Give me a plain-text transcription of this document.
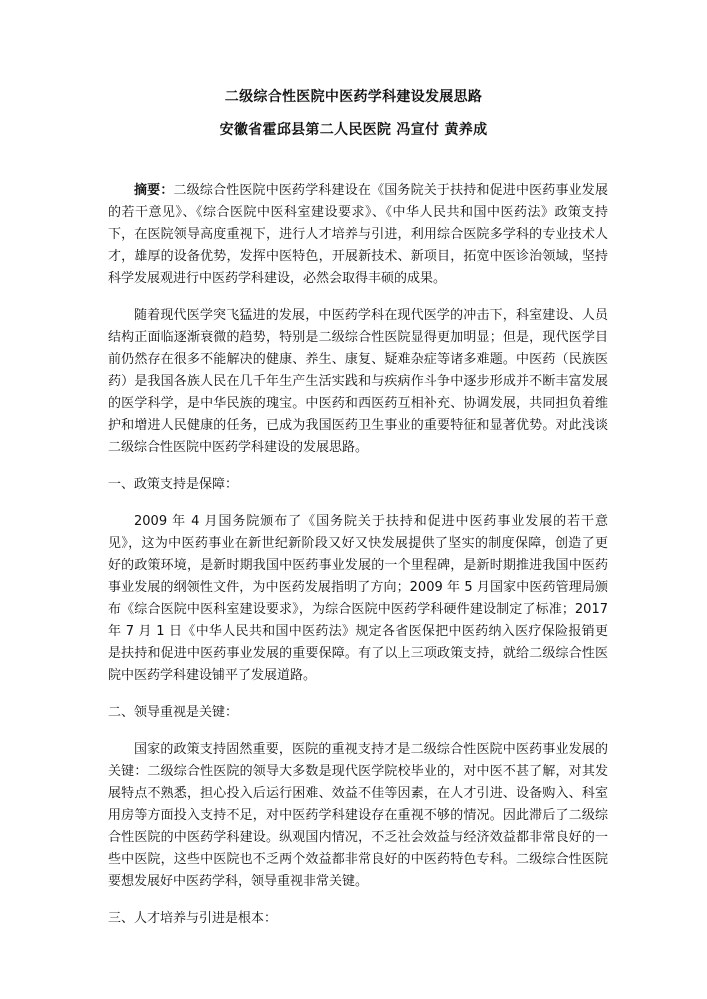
二级综合性医院中医药学科建设发展思路
安徽省霍邱县第二人民医院 冯宣付 黄养成

摘要：二级综合性医院中医药学科建设在《国务院关于扶持和促进中医药事业发展的若干意见》、《综合医院中医科室建设要求》、《中华人民共和国中医药法》政策支持下，在医院领导高度重视下，进行人才培养与引进，利用综合医院多学科的专业技术人才，雄厚的设备优势，发挥中医特色，开展新技术、新项目，拓宽中医诊治领域，坚持科学发展观进行中医药学科建设，必然会取得丰硕的成果。

随着现代医学突飞猛进的发展，中医药学科在现代医学的冲击下，科室建设、人员结构正面临逐渐衰微的趋势，特别是二级综合性医院显得更加明显；但是，现代医学目前仍然存在很多不能解决的健康、养生、康复、疑难杂症等诸多难题。中医药（民族医药）是我国各族人民在几千年生产生活实践和与疾病作斗争中逐步形成并不断丰富发展的医学科学，是中华民族的瑰宝。中医药和西医药互相补充、协调发展，共同担负着维护和增进人民健康的任务，已成为我国医药卫生事业的重要特征和显著优势。对此浅谈二级综合性医院中医药学科建设的发展思路。

一、政策支持是保障：

2009 年 4 月国务院颁布了《国务院关于扶持和促进中医药事业发展的若干意见》，这为中医药事业在新世纪新阶段又好又快发展提供了坚实的制度保障，创造了更好的政策环境，是新时期我国中医药事业发展的一个里程碑，是新时期推进我国中医药事业发展的纲领性文件，为中医药发展指明了方向；2009 年 5 月国家中医药管理局颁布《综合医院中医科室建设要求》，为综合医院中医药学科硬件建设制定了标准；2017 年 7 月 1 日《中华人民共和国中医药法》规定各省医保把中医药纳入医疗保险报销更是扶持和促进中医药事业发展的重要保障。有了以上三项政策支持，就给二级综合性医院中医药学科建设铺平了发展道路。

二、领导重视是关键：

国家的政策支持固然重要，医院的重视支持才是二级综合性医院中医药事业发展的关键：二级综合性医院的领导大多数是现代医学院校毕业的，对中医不甚了解，对其发展特点不熟悉，担心投入后运行困难、效益不佳等因素，在人才引进、设备购入、科室用房等方面投入支持不足，对中医药学科建设存在重视不够的情况。因此滞后了二级综合性医院的中医药学科建设。纵观国内情况，不乏社会效益与经济效益都非常良好的一些中医院，这些中医院也不乏两个效益都非常良好的中医药特色专科。二级综合性医院要想发展好中医药学科，领导重视非常关键。

三、人才培养与引进是根本：
